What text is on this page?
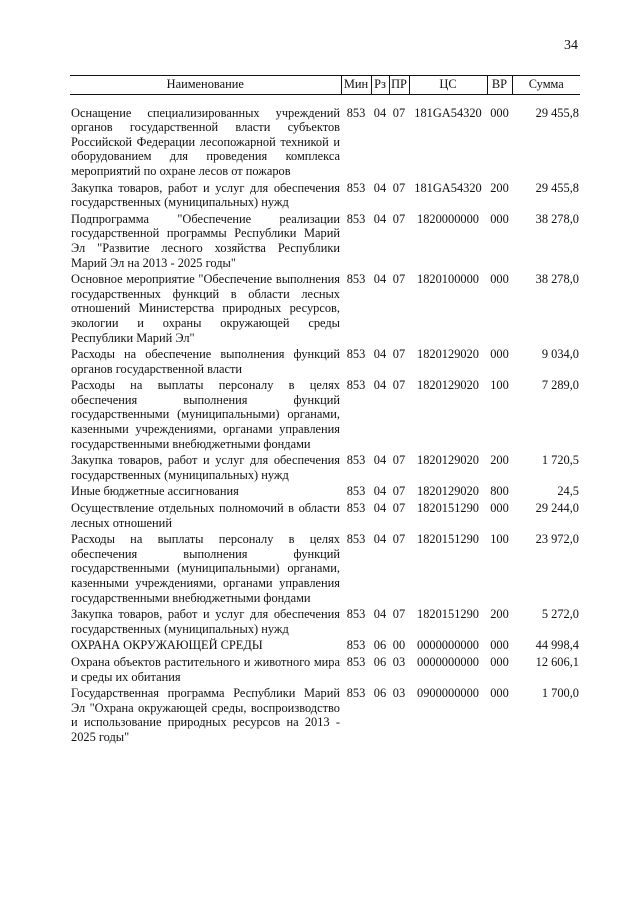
34
Наименование	Мин	Рз	ПР	ЦС	ВР	Сумма
Оснащение специализированных учреждений органов государственной власти субъектов Российской Федерации лесопожарной техникой и оборудованием для проведения комплекса мероприятий по охране лесов от пожаров	853	04	07	181GA54320	000	29 455,8
Закупка товаров, работ и услуг для обеспечения государственных (муниципальных) нужд	853	04	07	181GA54320	200	29 455,8
Подпрограмма "Обеспечение реализации государственной программы Республики Марий Эл "Развитие лесного хозяйства Республики Марий Эл на 2013 - 2025 годы"	853	04	07	1820000000	000	38 278,0
Основное мероприятие "Обеспечение выполнения государственных функций в области лесных отношений Министерства природных ресурсов, экологии и охраны окружающей среды Республики Марий Эл"	853	04	07	1820100000	000	38 278,0
Расходы на обеспечение выполнения функций органов государственной власти	853	04	07	1820129020	000	9 034,0
Расходы на выплаты персоналу в целях обеспечения выполнения функций государственными (муниципальными) органами, казенными учреждениями, органами управления государственными внебюджетными фондами	853	04	07	1820129020	100	7 289,0
Закупка товаров, работ и услуг для обеспечения государственных (муниципальных) нужд	853	04	07	1820129020	200	1 720,5
Иные бюджетные ассигнования	853	04	07	1820129020	800	24,5
Осуществление отдельных полномочий в области лесных отношений	853	04	07	1820151290	000	29 244,0
Расходы на выплаты персоналу в целях обеспечения выполнения функций государственными (муниципальными) органами, казенными учреждениями, органами управления государственными внебюджетными фондами	853	04	07	1820151290	100	23 972,0
Закупка товаров, работ и услуг для обеспечения государственных (муниципальных) нужд	853	04	07	1820151290	200	5 272,0
ОХРАНА ОКРУЖАЮЩЕЙ СРЕДЫ	853	06	00	0000000000	000	44 998,4
Охрана объектов растительного и животного мира и среды их обитания	853	06	03	0000000000	000	12 606,1
Государственная программа Республики Марий Эл "Охрана окружающей среды, воспроизводство и использование природных ресурсов на 2013 - 2025 годы"	853	06	03	0900000000	000	1 700,0
